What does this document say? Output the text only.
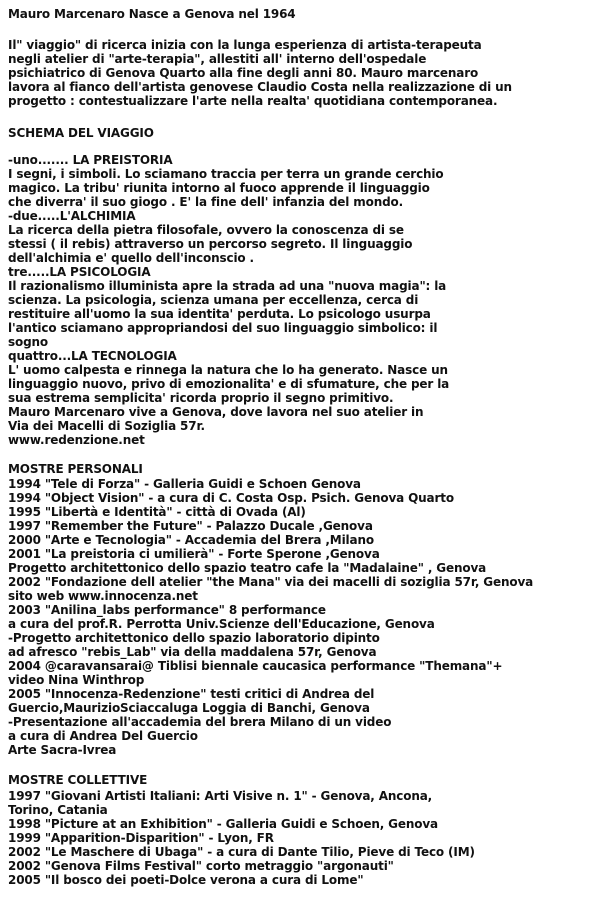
Mauro Marcenaro Nasce a Genova nel 1964
Il" viaggio" di ricerca inizia con la lunga esperienza di artista-terapeuta
negli atelier di "arte-terapia", allestiti all' interno dell'ospedale
psichiatrico di Genova Quarto alla fine degli anni 80. Mauro marcenaro
lavora al fianco dell'artista genovese Claudio Costa nella realizzazione di un
progetto : contestualizzare l'arte nella realta' quotidiana contemporanea.
SCHEMA DEL VIAGGIO
-uno....... LA PREISTORIA
I segni, i simboli. Lo sciamano traccia per terra un grande cerchio
magico. La tribu' riunita intorno al fuoco apprende il linguaggio
che diverra' il suo giogo . E' la fine dell' infanzia del mondo.
-due.....L'ALCHIMIA
La ricerca della pietra filosofale, ovvero la conoscenza di se
stessi ( il rebis) attraverso un percorso segreto. Il linguaggio
dell'alchimia e' quello dell'inconscio .
tre.....LA PSICOLOGIA
Il razionalismo illuminista apre la strada ad una "nuova magia": la
scienza. La psicologia, scienza umana per eccellenza, cerca di
restituire all'uomo la sua identita' perduta. Lo psicologo usurpa
l'antico sciamano appropriandosi del suo linguaggio simbolico: il
sogno
quattro...LA TECNOLOGIA
L' uomo calpesta e rinnega la natura che lo ha generato. Nasce un
linguaggio nuovo, privo di emozionalita' e di sfumature, che per la
sua estrema semplicita' ricorda proprio il segno primitivo.
Mauro Marcenaro vive a Genova, dove lavora nel suo atelier in
Via dei Macelli di Soziglia 57r.
www.redenzione.net
MOSTRE PERSONALI
1994 "Tele di Forza" - Galleria Guidi e Schoen Genova
1994 "Object Vision" - a cura di C. Costa Osp. Psich. Genova Quarto
1995 "Libertà e Identità" - città di Ovada (Al)
1997 "Remember the Future" - Palazzo Ducale ,Genova
2000 "Arte e Tecnologia" - Accademia del Brera ,Milano
2001 "La preistoria ci umilierà" - Forte Sperone ,Genova
Progetto architettonico dello spazio teatro cafe la "Madalaine" , Genova
2002 "Fondazione dell atelier "the Mana" via dei macelli di soziglia 57r, Genova
sito web www.innocenza.net
2003 "Anilina_labs performance" 8 performance
a cura del prof.R. Perrotta Univ.Scienze dell'Educazione, Genova
-Progetto architettonico dello spazio laboratorio dipinto
ad afresco "rebis_Lab" via della maddalena 57r, Genova
2004 @caravansarai@ Tiblisi biennale caucasica performance "Themana"+
video Nina Winthrop
2005 "Innocenza-Redenzione" testi critici di Andrea del
Guercio,MaurizioSciaccaluga Loggia di Banchi, Genova
-Presentazione all'accademia del brera Milano di un video
a cura di Andrea Del Guercio
Arte Sacra-Ivrea
MOSTRE COLLETTIVE
1997 "Giovani Artisti Italiani: Arti Visive n. 1" - Genova, Ancona,
Torino, Catania
1998 "Picture at an Exhibition" - Galleria Guidi e Schoen, Genova
1999 "Apparition-Disparition" - Lyon, FR
2002 "Le Maschere di Ubaga" - a cura di Dante Tilio, Pieve di Teco (IM)
2002 "Genova Films Festival" corto metraggio "argonauti"
2005 "Il bosco dei poeti-Dolce verona a cura di Lome"
